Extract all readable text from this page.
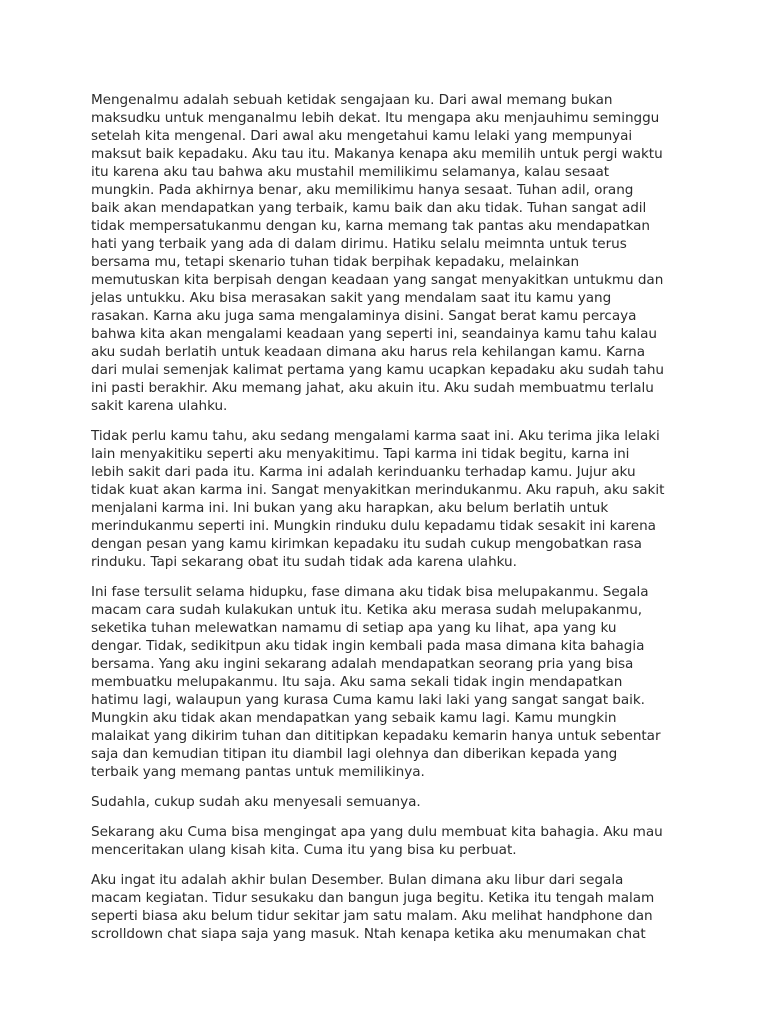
Mengenalmu adalah sebuah ketidak sengajaan ku. Dari awal memang bukan
maksudku untuk menganalmu lebih dekat. Itu mengapa aku menjauhimu seminggu
setelah kita mengenal. Dari awal aku mengetahui kamu lelaki yang mempunyai
maksut baik kepadaku. Aku tau itu. Makanya kenapa aku memilih untuk pergi waktu
itu karena aku tau bahwa aku mustahil memilikimu selamanya, kalau sesaat
mungkin. Pada akhirnya benar, aku memilikimu hanya sesaat. Tuhan adil, orang
baik akan mendapatkan yang terbaik, kamu baik dan aku tidak. Tuhan sangat adil
tidak mempersatukanmu dengan ku, karna memang tak pantas aku mendapatkan
hati yang terbaik yang ada di dalam dirimu. Hatiku selalu meimnta untuk terus
bersama mu, tetapi skenario tuhan tidak berpihak kepadaku, melainkan
memutuskan kita berpisah dengan keadaan yang sangat menyakitkan untukmu dan
jelas untukku. Aku bisa merasakan sakit yang mendalam saat itu kamu yang
rasakan. Karna aku juga sama mengalaminya disini. Sangat berat kamu percaya
bahwa kita akan mengalami keadaan yang seperti ini, seandainya kamu tahu kalau
aku sudah berlatih untuk keadaan dimana aku harus rela kehilangan kamu. Karna
dari mulai semenjak kalimat pertama yang kamu ucapkan kepadaku aku sudah tahu
ini pasti berakhir. Aku memang jahat, aku akuin itu. Aku sudah membuatmu terlalu
sakit karena ulahku.

Tidak perlu kamu tahu, aku sedang mengalami karma saat ini. Aku terima jika lelaki
lain menyakitiku seperti aku menyakitimu. Tapi karma ini tidak begitu, karna ini
lebih sakit dari pada itu. Karma ini adalah kerinduanku terhadap kamu. Jujur aku
tidak kuat akan karma ini. Sangat menyakitkan merindukanmu. Aku rapuh, aku sakit
menjalani karma ini. Ini bukan yang aku harapkan, aku belum berlatih untuk
merindukanmu seperti ini. Mungkin rinduku dulu kepadamu tidak sesakit ini karena
dengan pesan yang kamu kirimkan kepadaku itu sudah cukup mengobatkan rasa
rinduku. Tapi sekarang obat itu sudah tidak ada karena ulahku.

Ini fase tersulit selama hidupku, fase dimana aku tidak bisa melupakanmu. Segala
macam cara sudah kulakukan untuk itu. Ketika aku merasa sudah melupakanmu,
seketika tuhan melewatkan namamu di setiap apa yang ku lihat, apa yang ku
dengar. Tidak, sedikitpun aku tidak ingin kembali pada masa dimana kita bahagia
bersama. Yang aku ingini sekarang adalah mendapatkan seorang pria yang bisa
membuatku melupakanmu. Itu saja. Aku sama sekali tidak ingin mendapatkan
hatimu lagi, walaupun yang kurasa Cuma kamu laki laki yang sangat sangat baik.
Mungkin aku tidak akan mendapatkan yang sebaik kamu lagi. Kamu mungkin
malaikat yang dikirim tuhan dan dititipkan kepadaku kemarin hanya untuk sebentar
saja dan kemudian titipan itu diambil lagi olehnya dan diberikan kepada yang
terbaik yang memang pantas untuk memilikinya.

Sudahla, cukup sudah aku menyesali semuanya.

Sekarang aku Cuma bisa mengingat apa yang dulu membuat kita bahagia. Aku mau
menceritakan ulang kisah kita. Cuma itu yang bisa ku perbuat.

Aku ingat itu adalah akhir bulan Desember. Bulan dimana aku libur dari segala
macam kegiatan. Tidur sesukaku dan bangun juga begitu. Ketika itu tengah malam
seperti biasa aku belum tidur sekitar jam satu malam. Aku melihat handphone dan
scrolldown chat siapa saja yang masuk. Ntah kenapa ketika aku menumakan chat
